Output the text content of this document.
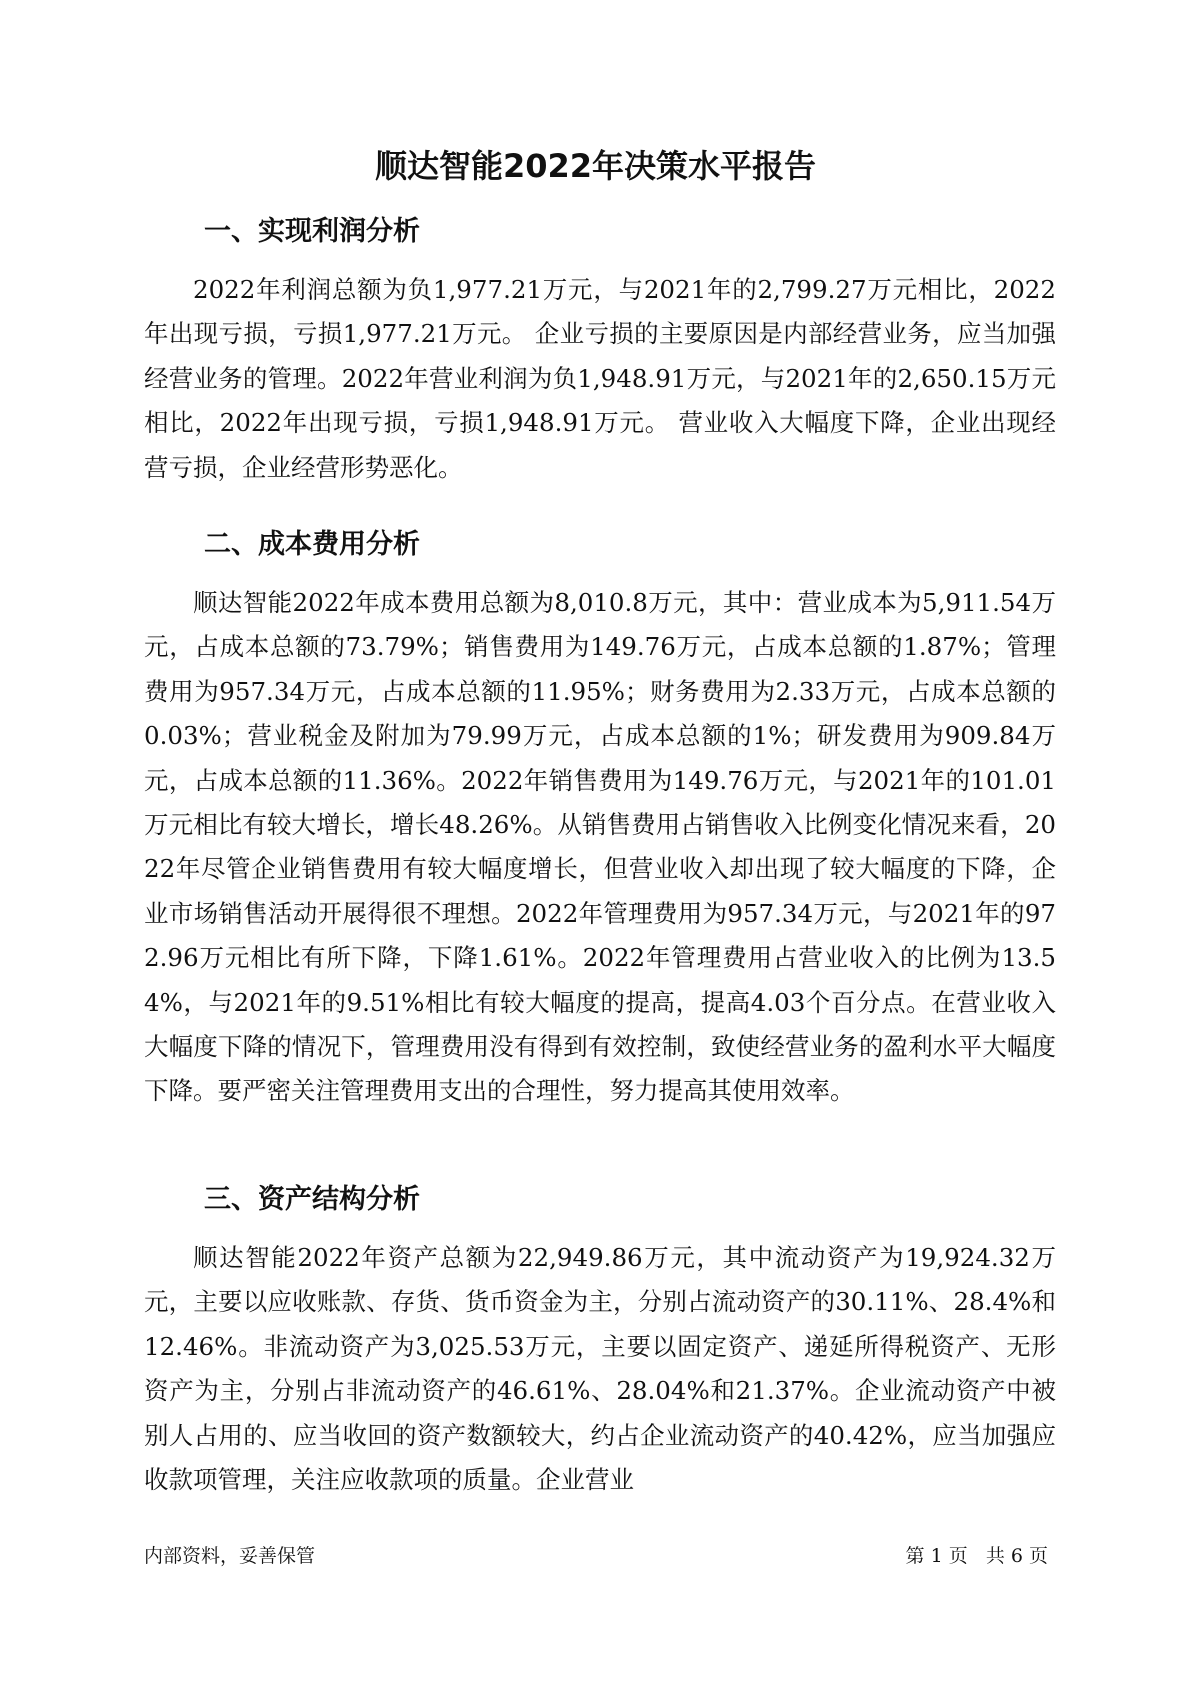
顺达智能2022年决策水平报告
一、实现利润分析

2022年利润总额为负1,977.21万元，与2021年的2,799.27万元相比，2022年出现亏损，亏损1,977.21万元。 企业亏损的主要原因是内部经营业务，应当加强经营业务的管理。2022年营业利润为负1,948.91万元，与2021年的2,650.15万元相比，2022年出现亏损，亏损1,948.91万元。 营业收入大幅度下降，企业出现经营亏损，企业经营形势恶化。

二、成本费用分析

顺达智能2022年成本费用总额为8,010.8万元，其中：营业成本为5,911.54万元，占成本总额的73.79%；销售费用为149.76万元，占成本总额的1.87%；管理费用为957.34万元，占成本总额的11.95%；财务费用为2.33万元，占成本总额的0.03%；营业税金及附加为79.99万元，占成本总额的1%；研发费用为909.84万元，占成本总额的11.36%。2022年销售费用为149.76万元，与2021年的101.01万元相比有较大增长，增长48.26%。从销售费用占销售收入比例变化情况来看，2022年尽管企业销售费用有较大幅度增长，但营业收入却出现了较大幅度的下降，企业市场销售活动开展得很不理想。2022年管理费用为957.34万元，与2021年的972.96万元相比有所下降，下降1.61%。2022年管理费用占营业收入的比例为13.54%，与2021年的9.51%相比有较大幅度的提高，提高4.03个百分点。在营业收入大幅度下降的情况下，管理费用没有得到有效控制，致使经营业务的盈利水平大幅度下降。要严密关注管理费用支出的合理性，努力提高其使用效率。

三、资产结构分析

顺达智能2022年资产总额为22,949.86万元，其中流动资产为19,924.32万元，主要以应收账款、存货、货币资金为主，分别占流动资产的30.11%、28.4%和12.46%。非流动资产为3,025.53万元，主要以固定资产、递延所得税资产、无形资产为主，分别占非流动资产的46.61%、28.04%和21.37%。企业流动资产中被别人占用的、应当收回的资产数额较大，约占企业流动资产的40.42%，应当加强应收款项管理，关注应收款项的质量。企业营业

内部资料，妥善保管	第 1 页   共 6 页
